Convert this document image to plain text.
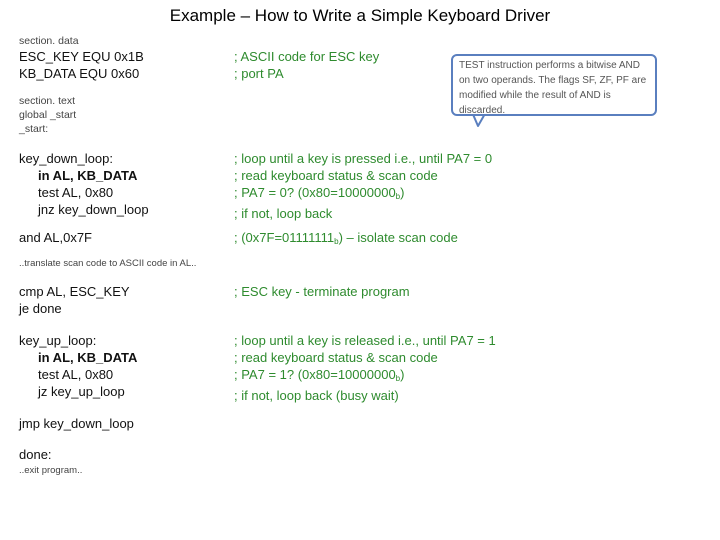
Example – How to Write a Simple Keyboard Driver
section. data
ESC_KEY EQU 0x1B
KB_DATA EQU 0x60
; ASCII code for ESC key
; port PA
TEST instruction performs a bitwise AND on two operands. The flags SF, ZF, PF are modified while the result of AND is discarded.
section. text
global _start
_start:
key_down_loop:
in AL, KB_DATA
test AL, 0x80
jnz key_down_loop
; loop until a key is pressed i.e., until PA7 = 0
; read keyboard status & scan code
; PA7 = 0? $(0x80=10000000_b)$
; if not, loop back
and AL,0x7F	; $(0x7F=01111111_b)$ – isolate scan code
..translate scan code to ASCII code in AL..
cmp AL, ESC_KEY
je done
; ESC key - terminate program
key_up_loop:
in AL, KB_DATA
test AL, 0x80
jz key_up_loop
; loop until a key is released i.e., until PA7 = 1
; read keyboard status & scan code
; PA7 = 1? $(0x80=10000000_b)$
; if not, loop back (busy wait)
jmp key_down_loop
done:
..exit program..
